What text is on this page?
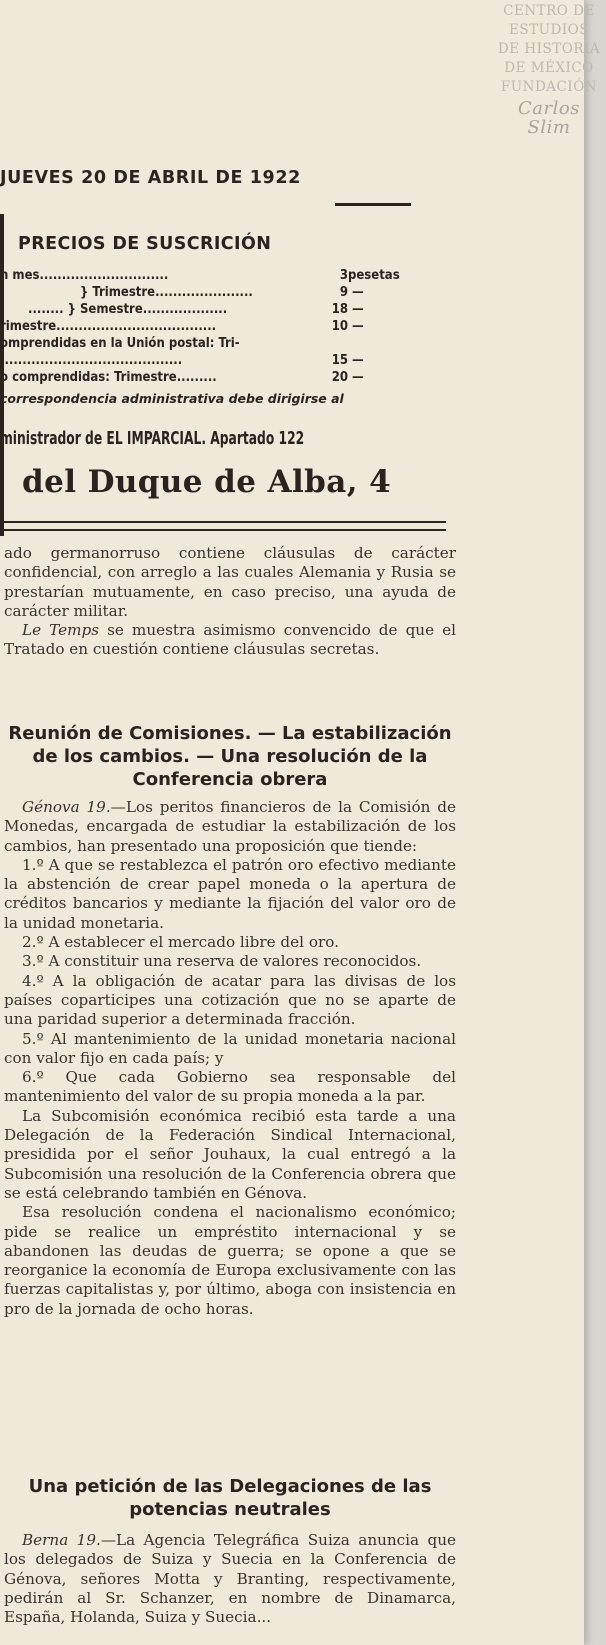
CENTRO DE
ESTUDIOS
DE HISTORIA
DE MÉXICO
FUNDACIÓN
Carlos Slim
JUEVES 20 DE ABRIL DE 1922
PRECIOS DE SUSCRICIÓN
n mes.............................	3 pesetas
} Trimestre......................	9 —
........ } Semestre...................	18 —
rimestre....................................	10 —
omprendidas en la Unión postal: Tri-
.........................................	15 —
o comprendidas: Trimestre.........	20 —
correspondencia administrativa debe dirigirse al
ministrador de EL IMPARCIAL. Apartado 122
del Duque de Alba, 4

ado germanorruso contiene cláusulas de carácter confidencial, con arreglo a las cuales Alemania y Rusia se prestarían mutuamente, en caso preciso, una ayuda de carácter militar.

Le Temps se muestra asimismo convencido de que el Tratado en cuestión contiene cláusulas secretas.

Reunión de Comisiones. — La estabilización de los cambios. — Una resolución de la Conferencia obrera

Génova 19.—Los peritos financieros de la Comisión de Monedas, encargada de estudiar la estabilización de los cambios, han presentado una proposición que tiende:

1.º A que se restablezca el patrón oro efectivo mediante la abstención de crear papel moneda o la apertura de créditos bancarios y mediante la fijación del valor oro de la unidad monetaria.

2.º A establecer el mercado libre del oro.

3.º A constituir una reserva de valores reconocidos.

4.º A la obligación de acatar para las divisas de los países coparticipes una cotización que no se aparte de una paridad superior a determinada fracción.

5.º Al mantenimiento de la unidad monetaria nacional con valor fijo en cada país; y

6.º Que cada Gobierno sea responsable del mantenimiento del valor de su propia moneda a la par.

La Subcomisión económica recibió esta tarde a una Delegación de la Federación Sindical Internacional, presidida por el señor Jouhaux, la cual entregó a la Subcomisión una resolución de la Conferencia obrera que se está celebrando también en Génova.

Esa resolución condena el nacionalismo económico; pide se realice un empréstito internacional y se abandonen las deudas de guerra; se opone a que se reorganice la economía de Europa exclusivamente con las fuerzas capitalistas y, por último, aboga con insistencia en pro de la jornada de ocho horas.

Una petición de las Delegaciones de las potencias neutrales

Berna 19.—La Agencia Telegráfica Suiza anuncia que los delegados de Suiza y Suecia en la Conferencia de Génova, señores Motta y Branting, respectivamente, pedirán al Sr. Schanzer, en nombre de Dinamarca, España, Holanda, Suiza y Suecia...
